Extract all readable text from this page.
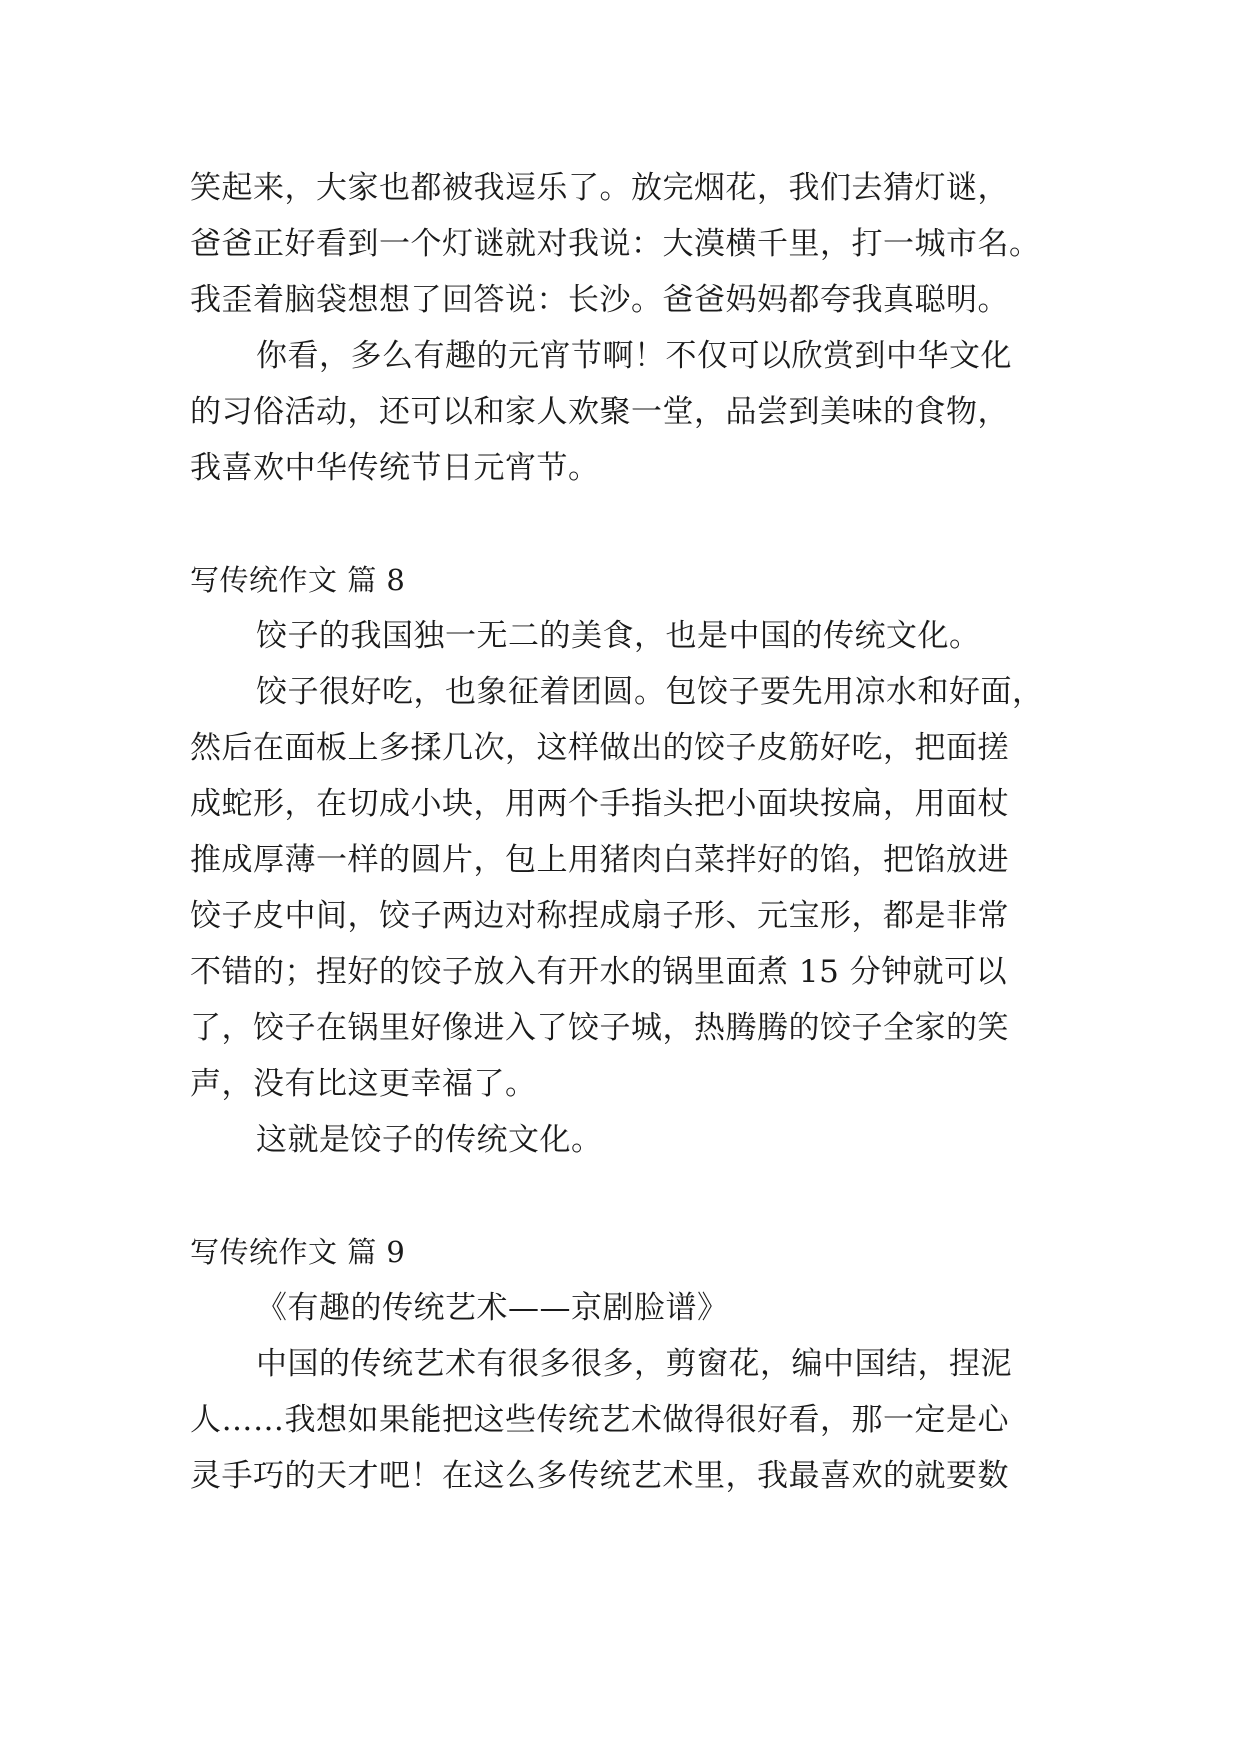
笑起来，大家也都被我逗乐了。放完烟花，我们去猜灯谜，
爸爸正好看到一个灯谜就对我说：大漠横千里，打一城市名。
我歪着脑袋想想了回答说：长沙。爸爸妈妈都夸我真聪明。
你看，多么有趣的元宵节啊！不仅可以欣赏到中华文化
的习俗活动，还可以和家人欢聚一堂，品尝到美味的食物，
我喜欢中华传统节日元宵节。
写传统作文 篇 8
饺子的我国独一无二的美食，也是中国的传统文化。
饺子很好吃，也象征着团圆。包饺子要先用凉水和好面，
然后在面板上多揉几次，这样做出的饺子皮筋好吃，把面搓
成蛇形，在切成小块，用两个手指头把小面块按扁，用面杖
推成厚薄一样的圆片，包上用猪肉白菜拌好的馅，把馅放进
饺子皮中间，饺子两边对称捏成扇子形、元宝形，都是非常
不错的；捏好的饺子放入有开水的锅里面煮 15 分钟就可以
了，饺子在锅里好像进入了饺子城，热腾腾的饺子全家的笑
声，没有比这更幸福了。
这就是饺子的传统文化。
写传统作文 篇 9
《有趣的传统艺术——京剧脸谱》
中国的传统艺术有很多很多，剪窗花，编中国结，捏泥
人……我想如果能把这些传统艺术做得很好看，那一定是心
灵手巧的天才吧！在这么多传统艺术里，我最喜欢的就要数
